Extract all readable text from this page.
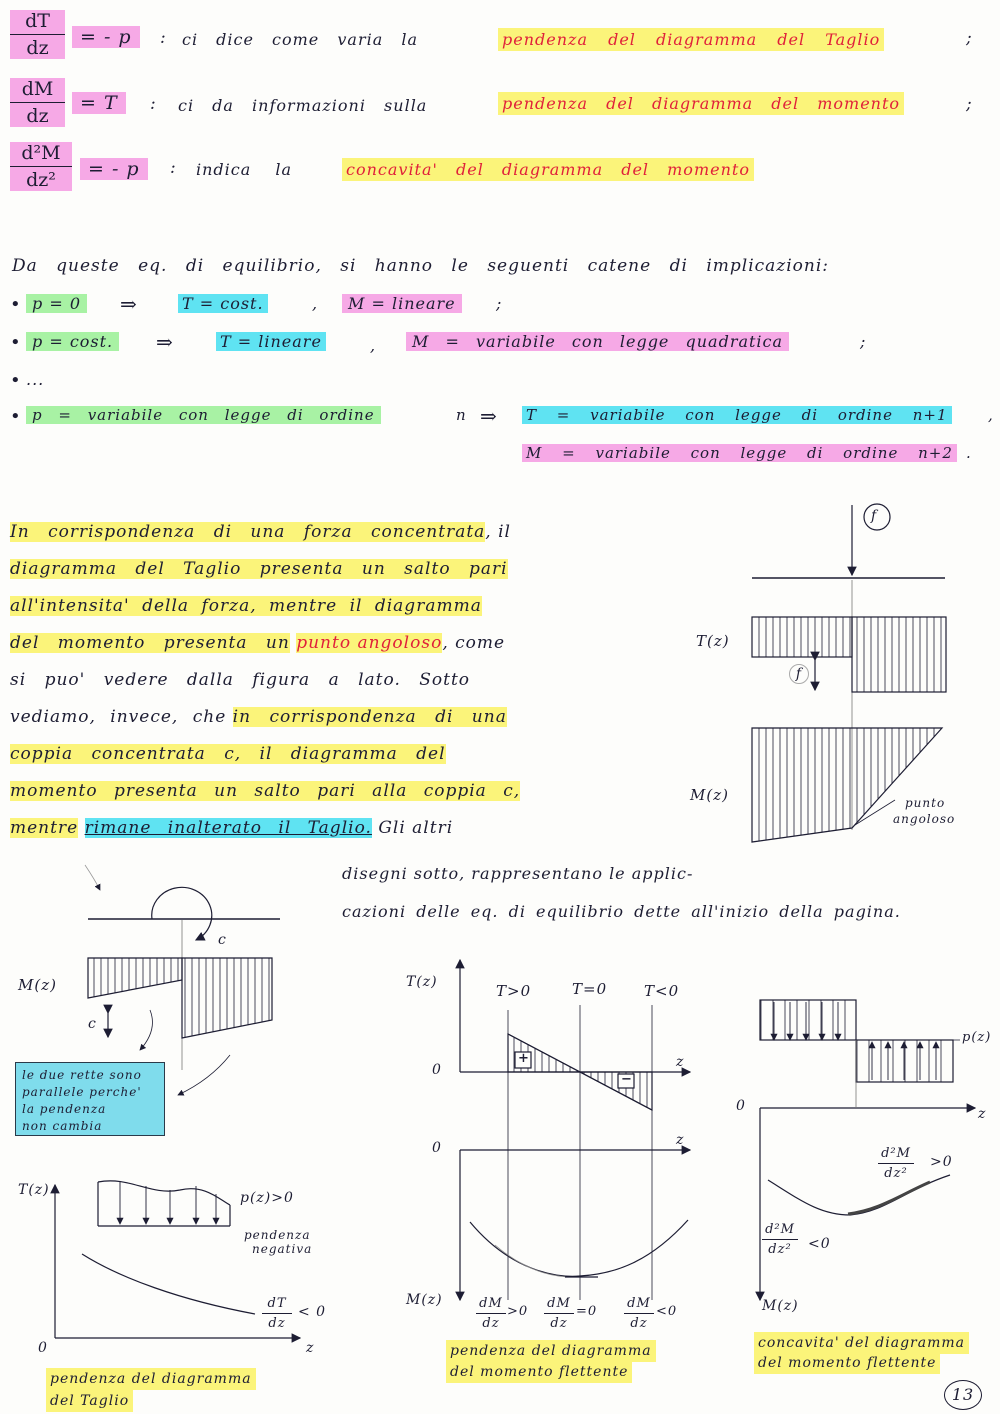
dT
dz	= - p	: ci dice come varia la	pendenza del diagramma del Taglio	;
dM
dz
= T	: ci da informazioni sulla	pendenza del diagramma del momento	;
d²M
dz²	= - p	: indica la	concavita' del diagramma del momento
Da queste eq. di equilibrio, si hanno le seguenti catene di implicazioni:
• p = 0	⇒	T = cost.	,	M = lineare	;
• p = cost.	⇒	T = lineare	,	M = variabile con legge quadratica	;
• ...
• p = variabile con legge di ordine	n ⇒ T = variabile con legge di ordine n+1	,
M = variabile con legge di ordine n+2 .
In corrispondenza di una forza concentrata, il
diagramma del Taglio presenta un salto pari
all'intensita' della forza, mentre il diagramma
del momento presenta un punto angoloso, come
si puo' vedere dalla figura a lato. Sotto
vediamo, invece, che in corrispondenza di una
coppia concentrata c, il diagramma del
momento presenta un salto pari alla coppia c,
mentre rimane inalterato il Taglio. Gli altri
disegni sotto, rappresentano le applic-
cazioni delle eq. di equilibrio dette all'inizio della pagina.
f
T(z)
f
M(z)	punto
angoloso
c
M(z)
c
le due rette sono
parallele perche'
la pendenza
non cambia
T(z)	p(z)>0
pendenza
negativa
dT
dz
< 0
0	z
pendenza del diagramma
del Taglio
T(z)	T>0	T=0 T<0
0	z
+
−
0	z
M(z)	dM
dz
>0
dM
dz
=0
dM
dz
<0
pendenza del diagramma
del momento flettente
p(z)
0	z
d²M
dz²
>0
d²M
dz²	<0
M(z)
concavita' del diagramma
del momento flettente
13
